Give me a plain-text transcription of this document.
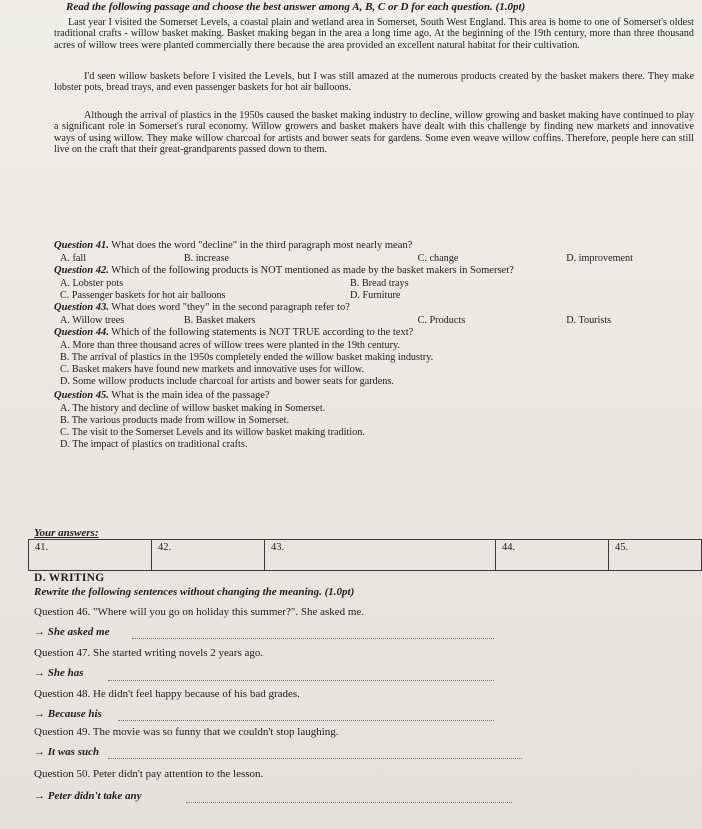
Read the following passage and choose the best answer among A, B, C or D for each question. (1.0pt)

Last year I visited the Somerset Levels, a coastal plain and wetland area in Somerset, South West England. This area is home to one of Somerset's oldest traditional crafts - willow basket making. Basket making began in the area a long time ago. At the beginning of the 19th century, more than three thousand acres of willow trees were planted commercially there because the area provided an excellent natural habitat for their cultivation.

I'd seen willow baskets before I visited the Levels, but I was still amazed at the numerous products created by the basket makers there. They make lobster pots, bread trays, and even passenger baskets for hot air balloons.

Although the arrival of plastics in the 1950s caused the basket making industry to decline, willow growing and basket making have continued to play a significant role in Somerset's rural economy. Willow growers and basket makers have dealt with this challenge by finding new markets and innovative ways of using willow. They make willow charcoal for artists and bower seats for gardens. Some even weave willow coffins. Therefore, people here can still live on the craft that their great-grandparents passed down to them.

Question 41. What does the word "decline" in the third paragraph most nearly mean?
A. fall	B. increase	C. change	D. improvement
Question 42. Which of the following products is NOT mentioned as made by the basket makers in Somerset?
A. Lobster pots	B. Bread trays
C. Passenger baskets for hot air balloons	D. Furniture
Question 43. What does word "they" in the second paragraph refer to?
A. Willow trees	B. Basket makers	C. Products	D. Tourists
Question 44. Which of the following statements is NOT TRUE according to the text?
A. More than three thousand acres of willow trees were planted in the 19th century.
B. The arrival of plastics in the 1950s completely ended the willow basket making industry.
C. Basket makers have found new markets and innovative uses for willow.
D. Some willow products include charcoal for artists and bower seats for gardens.
Question 45. What is the main idea of the passage?
A. The history and decline of willow basket making in Somerset.
B. The various products made from willow in Somerset.
C. The visit to the Somerset Levels and its willow basket making tradition.
D. The impact of plastics on traditional crafts.
Your answers:
41.	42.	43.	44.	45.
D. WRITING
Rewrite the following sentences without changing the meaning. (1.0pt)
Question 46. "Where will you go on holiday this summer?". She asked me.
→ She asked me
Question 47. She started writing novels 2 years ago.
→ She has
Question 48. He didn't feel happy because of his bad grades.
→ Because his
Question 49. The movie was so funny that we couldn't stop laughing.
→ It was such
Question 50. Peter didn't pay attention to the lesson.
→ Peter didn't take any
